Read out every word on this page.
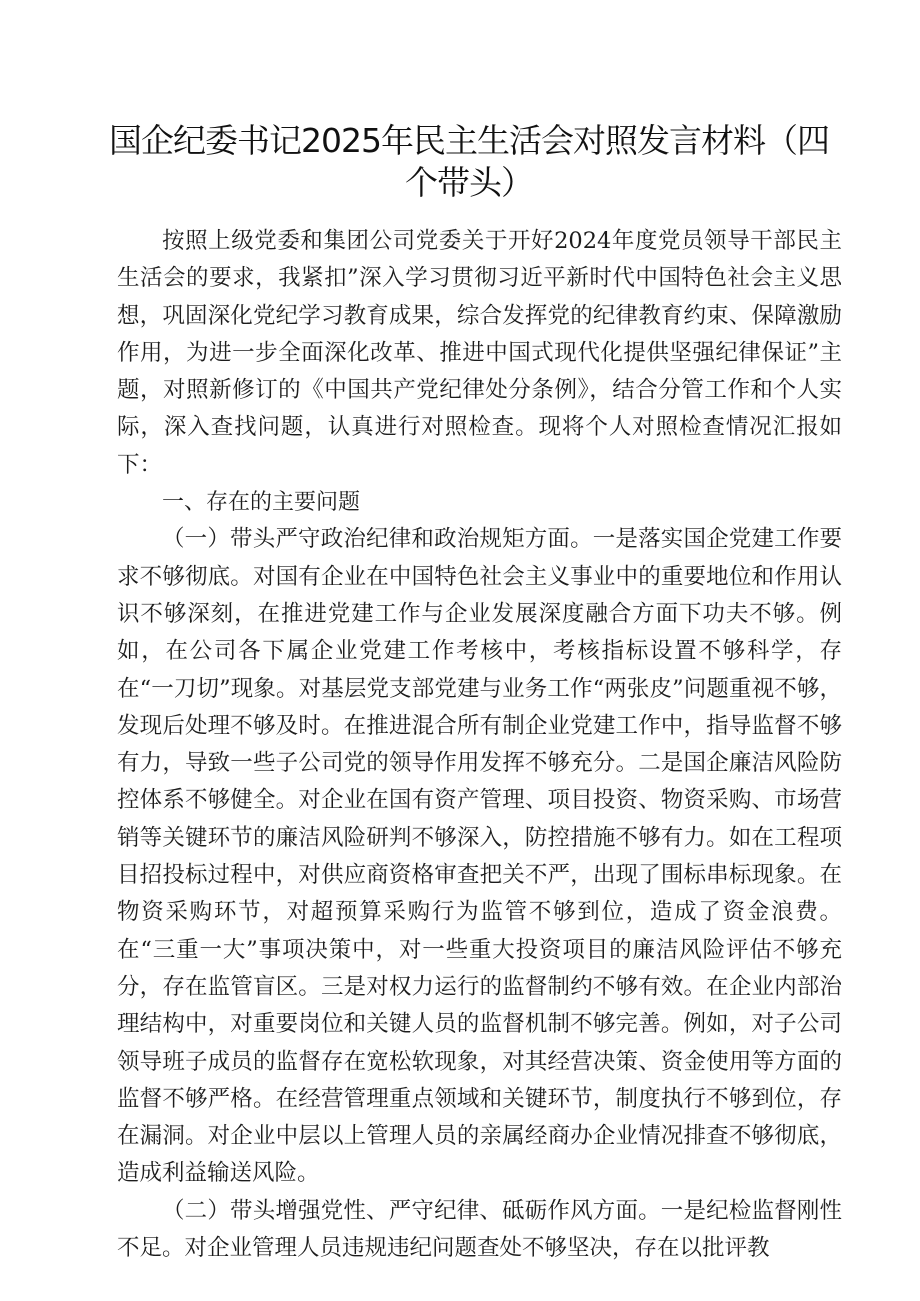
国企纪委书记2025年民主生活会对照发言材料（四个带头）

按照上级党委和集团公司党委关于开好2024年度党员领导干部民主生活会的要求，我紧扣”深入学习贯彻习近平新时代中国特色社会主义思想，巩固深化党纪学习教育成果，综合发挥党的纪律教育约束、保障激励作用，为进一步全面深化改革、推进中国式现代化提供坚强纪律保证”主题，对照新修订的《中国共产党纪律处分条例》，结合分管工作和个人实际，深入查找问题，认真进行对照检查。现将个人对照检查情况汇报如下：

一、存在的主要问题

（一）带头严守政治纪律和政治规矩方面。一是落实国企党建工作要求不够彻底。对国有企业在中国特色社会主义事业中的重要地位和作用认识不够深刻，在推进党建工作与企业发展深度融合方面下功夫不够。例如，在公司各下属企业党建工作考核中，考核指标设置不够科学，存在“一刀切”现象。对基层党支部党建与业务工作“两张皮”问题重视不够，发现后处理不够及时。在推进混合所有制企业党建工作中，指导监督不够有力，导致一些子公司党的领导作用发挥不够充分。二是国企廉洁风险防控体系不够健全。对企业在国有资产管理、项目投资、物资采购、市场营销等关键环节的廉洁风险研判不够深入，防控措施不够有力。如在工程项目招投标过程中，对供应商资格审查把关不严，出现了围标串标现象。在物资采购环节，对超预算采购行为监管不够到位，造成了资金浪费。在“三重一大”事项决策中，对一些重大投资项目的廉洁风险评估不够充分，存在监管盲区。三是对权力运行的监督制约不够有效。在企业内部治理结构中，对重要岗位和关键人员的监督机制不够完善。例如，对子公司领导班子成员的监督存在宽松软现象，对其经营决策、资金使用等方面的监督不够严格。在经营管理重点领域和关键环节，制度执行不够到位，存在漏洞。对企业中层以上管理人员的亲属经商办企业情况排查不够彻底，造成利益输送风险。

（二）带头增强党性、严守纪律、砥砺作风方面。一是纪检监督刚性不足。对企业管理人员违规违纪问题查处不够坚决，存在以批评教
